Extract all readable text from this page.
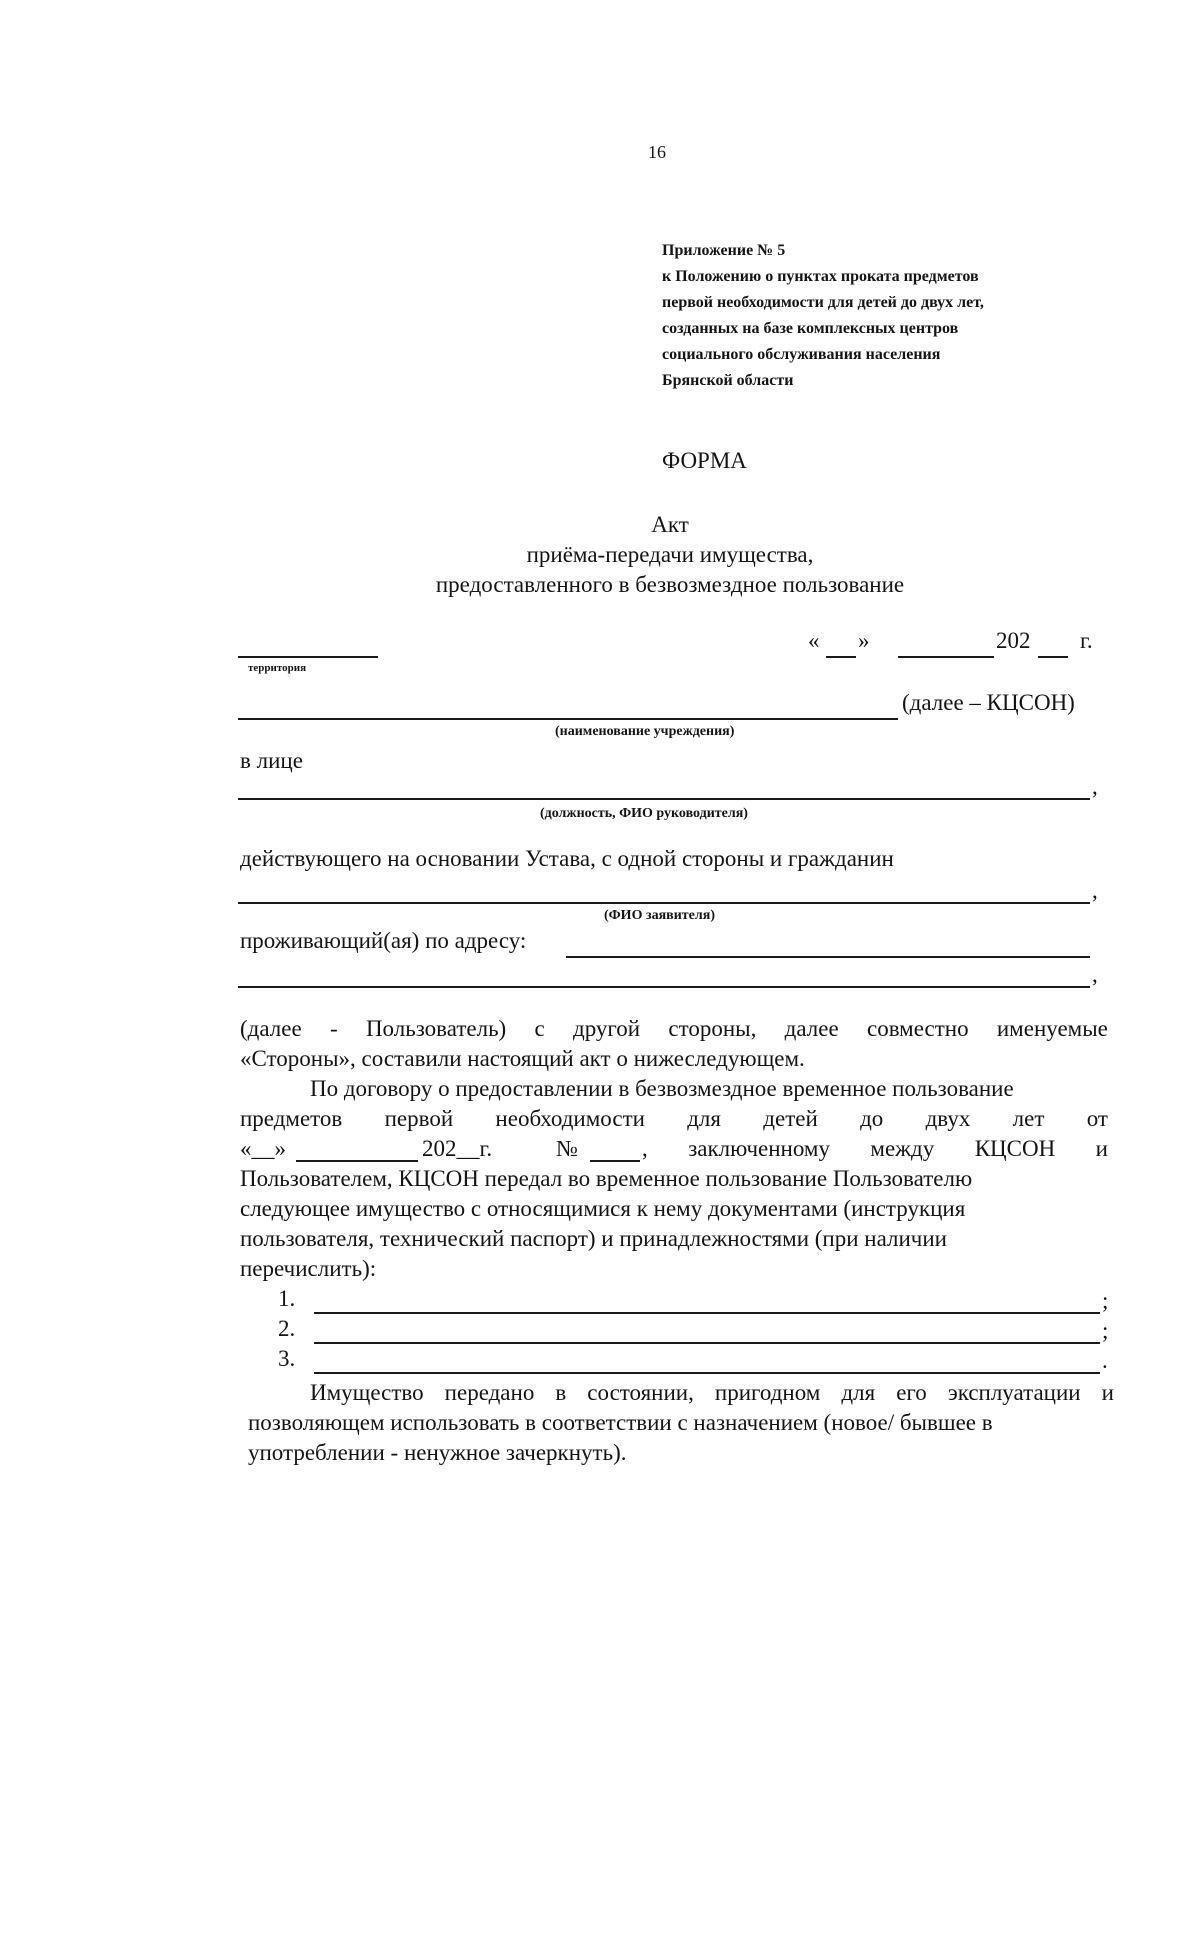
16
Приложение № 5
к Положению о пунктах проката предметов
первой необходимости для детей до двух лет,
созданных на базе комплексных центров
социального обслуживания населения
Брянской области
ФОРМА
Акт
приёма-передачи имущества,
предоставленного в безвозмездное пользование
территория
« »	202 г.
(далее – КЦСОН)
(наименование учреждения)
в лице
,
(должность, ФИО руководителя)
действующего на основании Устава, с одной стороны и гражданин
,
(ФИО заявителя)
проживающий(ая) по адресу:
,
(далее - Пользователь) с другой стороны, далее совместно именуемые
«Стороны», составили настоящий акт о нижеследующем.
По договору о предоставлении в безвозмездное временное пользование
предметов первой необходимости для детей до двух лет от
«__»	202__г.	№	, заключенному между КЦСОН и
Пользователем, КЦСОН передал во временное пользование Пользователю
следующее имущество с относящимися к нему документами (инструкция
пользователя, технический паспорт) и принадлежностями (при наличии
перечислить):
1.	;
2.	;
3.	.
Имущество передано в состоянии, пригодном для его эксплуатации и
позволяющем использовать в соответствии с назначением (новое/ бывшее в
употреблении - ненужное зачеркнуть).
